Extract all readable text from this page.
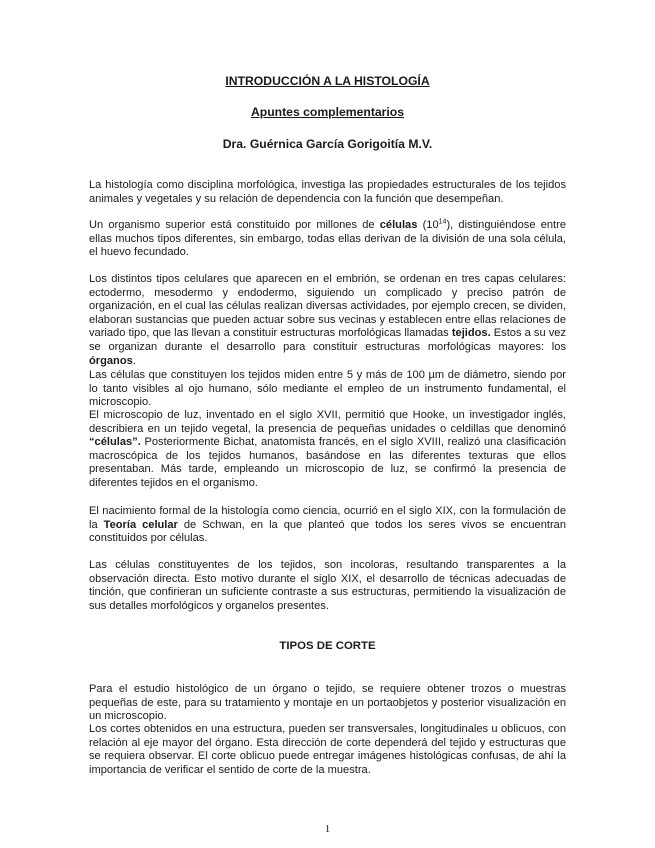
INTRODUCCIÓN A LA HISTOLOGÍA
Apuntes complementarios
Dra. Guérnica García Gorigoitía M.V.

La histología como disciplina morfológica, investiga las propiedades estructurales de los tejidos animales y vegetales y su relación de dependencia con la función que desempeñan.

Un organismo superior está constituido por millones de células $(10^{14})$, distinguiéndose entre ellas muchos tipos diferentes, sin embargo, todas ellas derivan de la división de una sola célula, el huevo fecundado.

Los distintos tipos celulares que aparecen en el embrión, se ordenan en tres capas celulares: ectodermo, mesodermo y endodermo, siguiendo un complicado y preciso patrón de organización, en el cual las células realizan diversas actividades, por ejemplo crecen, se dividen, elaboran sustancias que pueden actuar sobre sus vecinas y establecen entre ellas relaciones de variado tipo, que las llevan a constituir estructuras morfológicas llamadas tejidos. Estos a su vez se organizan durante el desarrollo para constituir estructuras morfológicas mayores: los órganos.

Las células que constituyen los tejidos miden entre 5 y más de 100 µm de diámetro, siendo por lo tanto visibles al ojo humano, sólo mediante el empleo de un instrumento fundamental, el microscopio.

El microscopio de luz, inventado en el siglo XVII, permitió que Hooke, un investigador inglés, describiera en un tejido vegetal, la presencia de pequeñas unidades o celdillas que denominó “células”. Posteriormente Bichat, anatomista francés, en el siglo XVIII, realizó una clasificación macroscópica de los tejidos humanos, basándose en las diferentes texturas que ellos presentaban. Más tarde, empleando un microscopio de luz, se confirmó la presencia de diferentes tejidos en el organismo.

El nacimiento formal de la histología como ciencia, ocurrió en el siglo XIX, con la formulación de la Teoría celular de Schwan, en la que planteó que todos los seres vivos se encuentran constituidos por células.

Las células constituyentes de los tejidos, son incoloras, resultando transparentes a la observación directa. Esto motivo durante el siglo XIX, el desarrollo de técnicas adecuadas de tinción, que confirieran un suficiente contraste a sus estructuras, permitiendo la visualización de sus detalles morfológicos y organelos presentes.

TIPOS DE CORTE

Para el estudio histológico de un órgano o tejido, se requiere obtener trozos o muestras pequeñas de este, para su tratamiento y montaje en un portaobjetos y posterior visualización en un microscopio.

Los cortes obtenidos en una estructura, pueden ser transversales, longitudinales u oblicuos, con relación al eje mayor del órgano. Esta dirección de corte dependerá del tejido y estructuras que se requiera observar. El corte oblicuo puede entregar imágenes histológicas confusas, de ahí la importancia de verificar el sentido de corte de la muestra.

1
